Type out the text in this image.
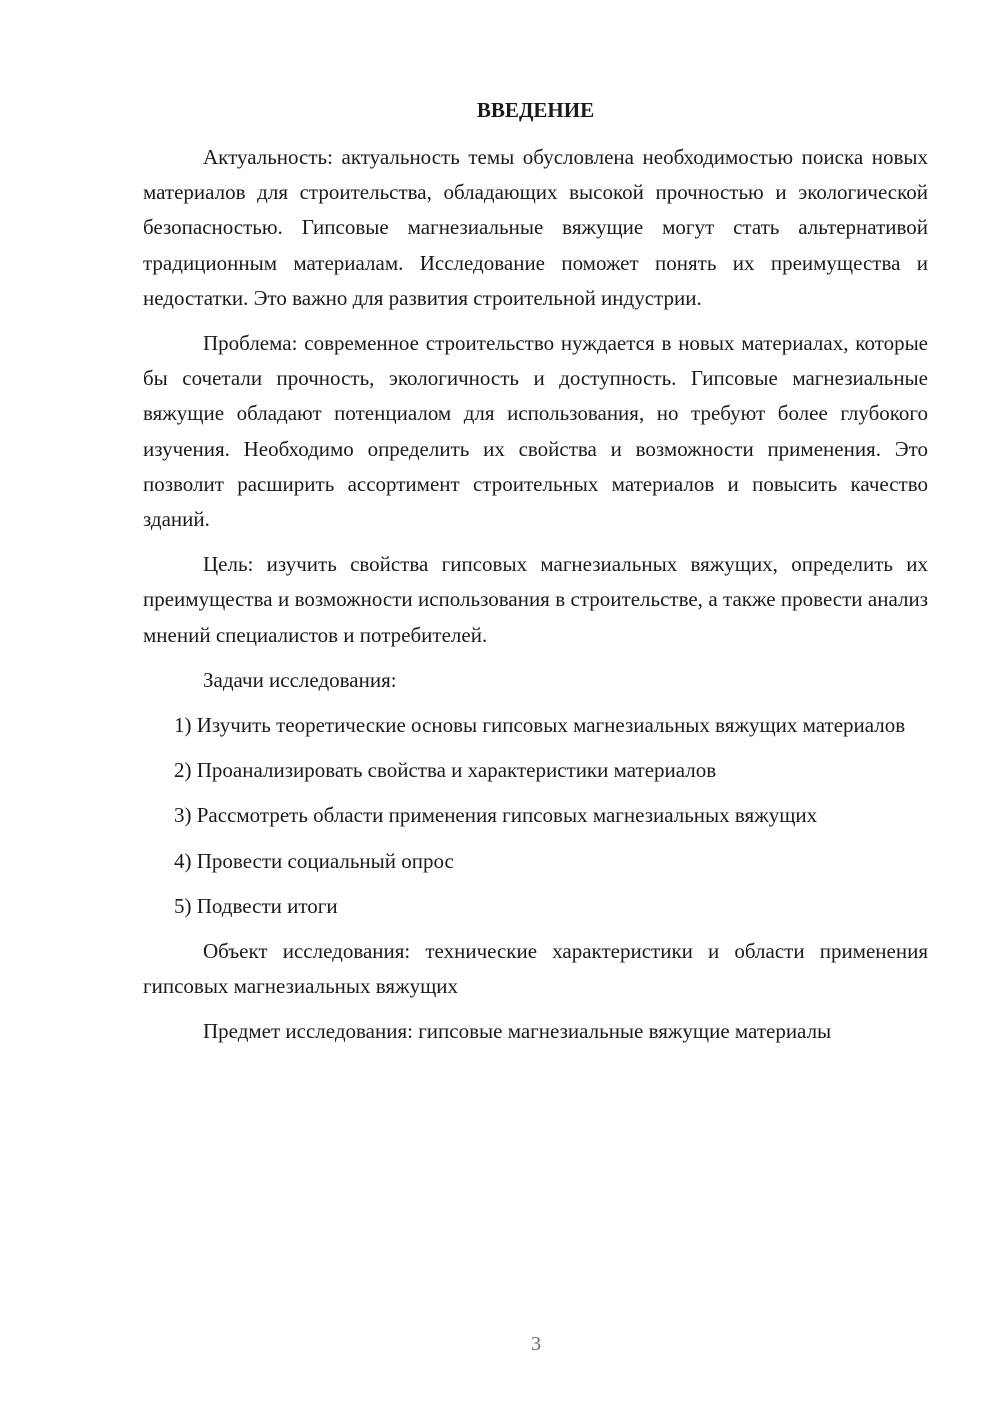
ВВЕДЕНИЕ

Актуальность: актуальность темы обусловлена необходимостью поиска новых материалов для строительства, обладающих высокой прочностью и экологической безопасностью. Гипсовые магнезиальные вяжущие могут стать альтернативой традиционным материалам. Исследование поможет понять их преимущества и недостатки. Это важно для развития строительной индустрии.

Проблема: современное строительство нуждается в новых материалах, которые бы сочетали прочность, экологичность и доступность. Гипсовые магнезиальные вяжущие обладают потенциалом для использования, но требуют более глубокого изучения. Необходимо определить их свойства и возможности применения. Это позволит расширить ассортимент строительных материалов и повысить качество зданий.

Цель: изучить свойства гипсовых магнезиальных вяжущих, определить их преимущества и возможности использования в строительстве, а также провести анализ мнений специалистов и потребителей.

Задачи исследования:

1) Изучить теоретические основы гипсовых магнезиальных вяжущих материалов

2) Проанализировать свойства и характеристики материалов

3) Рассмотреть области применения гипсовых магнезиальных вяжущих

4) Провести социальный опрос

5) Подвести итоги

Объект исследования: технические характеристики и области применения гипсовых магнезиальных вяжущих

Предмет исследования: гипсовые магнезиальные вяжущие материалы

3
